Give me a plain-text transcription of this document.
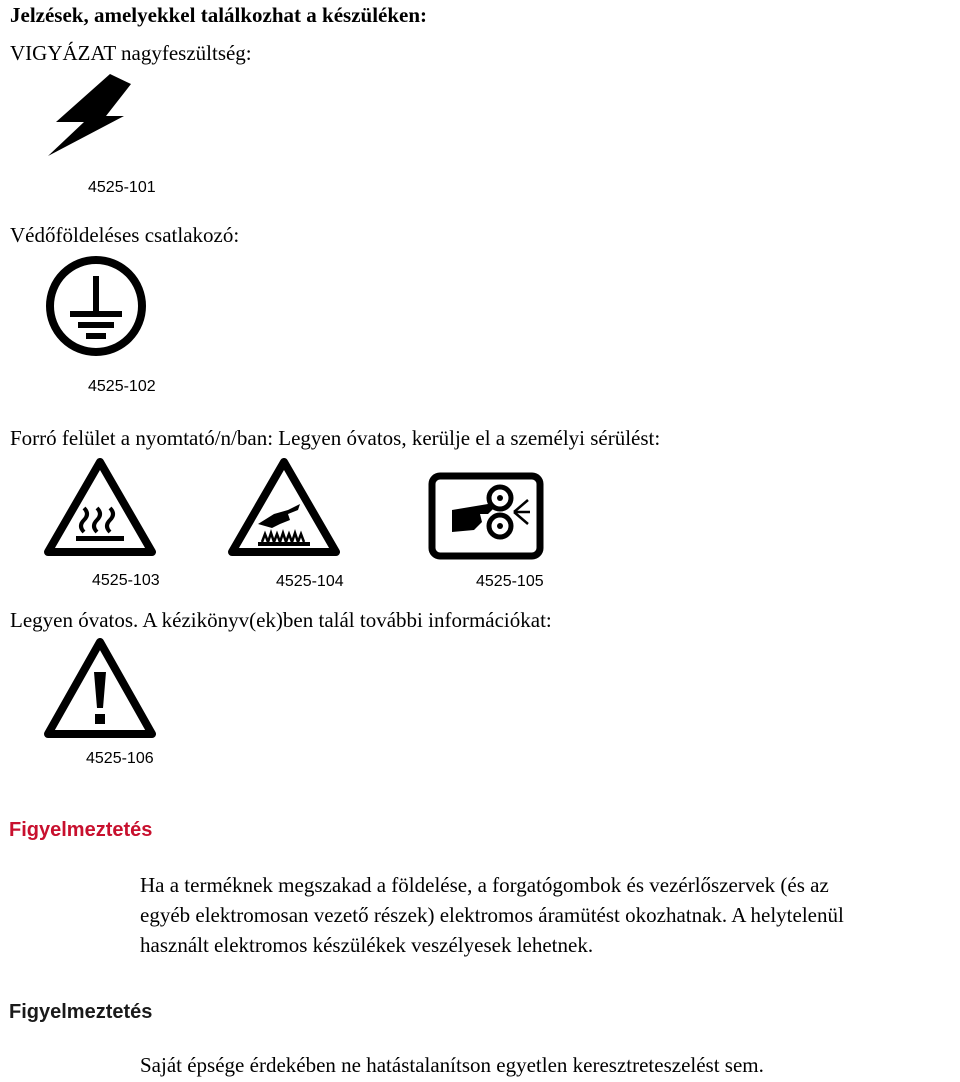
Jelzések, amelyekkel találkozhat a készüléken:
VIGYÁZAT nagyfeszültség:
4525-101
Védőföldeléses csatlakozó:
4525-102
Forró felület a nyomtató/n/ban: Legyen óvatos, kerülje el a személyi sérülést:
4525-103	4525-104	4525-105
Legyen óvatos. A kézikönyv(ek)ben talál további információkat:
4525-106
Figyelmeztetés
Ha a terméknek megszakad a földelése, a forgatógombok és vezérlőszervek (és az
egyéb elektromosan vezető részek) elektromos áramütést okozhatnak. A helytelenül
használt elektromos készülékek veszélyesek lehetnek.
Figyelmeztetés
Saját épsége érdekében ne hatástalanítson egyetlen keresztreteszelést sem.
